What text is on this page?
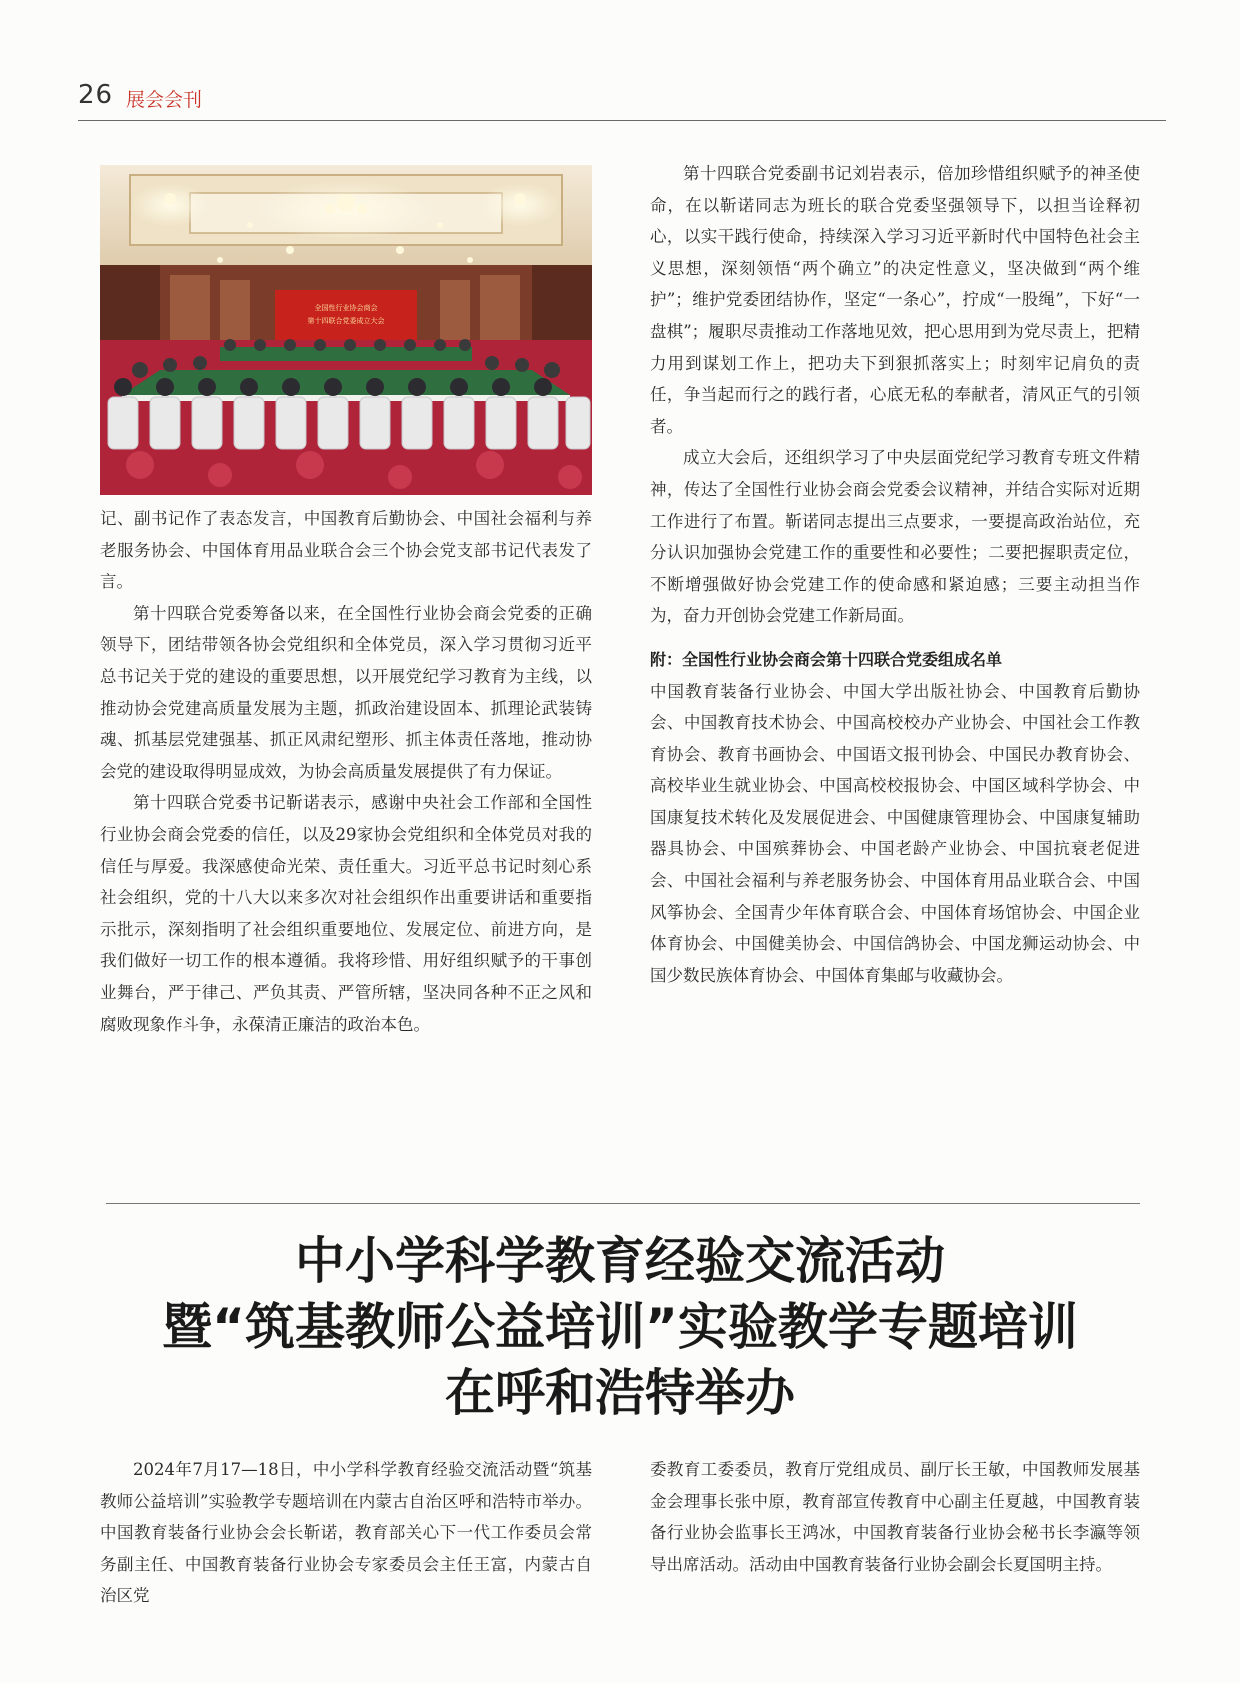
26 展会会刊
全国性行业协会商会
第十四联合党委成立大会

记、副书记作了表态发言，中国教育后勤协会、中国社会福利与养老服务协会、中国体育用品业联合会三个协会党支部书记代表发了言。

第十四联合党委筹备以来，在全国性行业协会商会党委的正确领导下，团结带领各协会党组织和全体党员，深入学习贯彻习近平总书记关于党的建设的重要思想，以开展党纪学习教育为主线，以推动协会党建高质量发展为主题，抓政治建设固本、抓理论武装铸魂、抓基层党建强基、抓正风肃纪塑形、抓主体责任落地，推动协会党的建设取得明显成效，为协会高质量发展提供了有力保证。

第十四联合党委书记靳诺表示，感谢中央社会工作部和全国性行业协会商会党委的信任，以及29家协会党组织和全体党员对我的信任与厚爱。我深感使命光荣、责任重大。习近平总书记时刻心系社会组织，党的十八大以来多次对社会组织作出重要讲话和重要指示批示，深刻指明了社会组织重要地位、发展定位、前进方向，是我们做好一切工作的根本遵循。我将珍惜、用好组织赋予的干事创业舞台，严于律己、严负其责、严管所辖，坚决同各种不正之风和腐败现象作斗争，永葆清正廉洁的政治本色。

第十四联合党委副书记刘岩表示，倍加珍惜组织赋予的神圣使命，在以靳诺同志为班长的联合党委坚强领导下，以担当诠释初心，以实干践行使命，持续深入学习习近平新时代中国特色社会主义思想，深刻领悟“两个确立”的决定性意义，坚决做到“两个维护”；维护党委团结协作，坚定“一条心”，拧成“一股绳”，下好“一盘棋”；履职尽责推动工作落地见效，把心思用到为党尽责上，把精力用到谋划工作上，把功夫下到狠抓落实上；时刻牢记肩负的责任，争当起而行之的践行者，心底无私的奉献者，清风正气的引领者。

成立大会后，还组织学习了中央层面党纪学习教育专班文件精神，传达了全国性行业协会商会党委会议精神，并结合实际对近期工作进行了布置。靳诺同志提出三点要求，一要提高政治站位，充分认识加强协会党建工作的重要性和必要性；二要把握职责定位，不断增强做好协会党建工作的使命感和紧迫感；三要主动担当作为，奋力开创协会党建工作新局面。

附：全国性行业协会商会第十四联合党委组成名单

中国教育装备行业协会、中国大学出版社协会、中国教育后勤协会、中国教育技术协会、中国高校校办产业协会、中国社会工作教育协会、教育书画协会、中国语文报刊协会、中国民办教育协会、高校毕业生就业协会、中国高校校报协会、中国区域科学协会、中国康复技术转化及发展促进会、中国健康管理协会、中国康复辅助器具协会、中国殡葬协会、中国老龄产业协会、中国抗衰老促进会、中国社会福利与养老服务协会、中国体育用品业联合会、中国风筝协会、全国青少年体育联合会、中国体育场馆协会、中国企业体育协会、中国健美协会、中国信鸽协会、中国龙狮运动协会、中国少数民族体育协会、中国体育集邮与收藏协会。

中小学科学教育经验交流活动
暨“筑基教师公益培训”实验教学专题培训
在呼和浩特举办

2024年7月17—18日，中小学科学教育经验交流活动暨“筑基教师公益培训”实验教学专题培训在内蒙古自治区呼和浩特市举办。中国教育装备行业协会会长靳诺，教育部关心下一代工作委员会常务副主任、中国教育装备行业协会专家委员会主任王富，内蒙古自治区党

委教育工委委员，教育厅党组成员、副厅长王敏，中国教师发展基金会理事长张中原，教育部宣传教育中心副主任夏越，中国教育装备行业协会监事长王鸿冰，中国教育装备行业协会秘书长李瀛等领导出席活动。活动由中国教育装备行业协会副会长夏国明主持。
